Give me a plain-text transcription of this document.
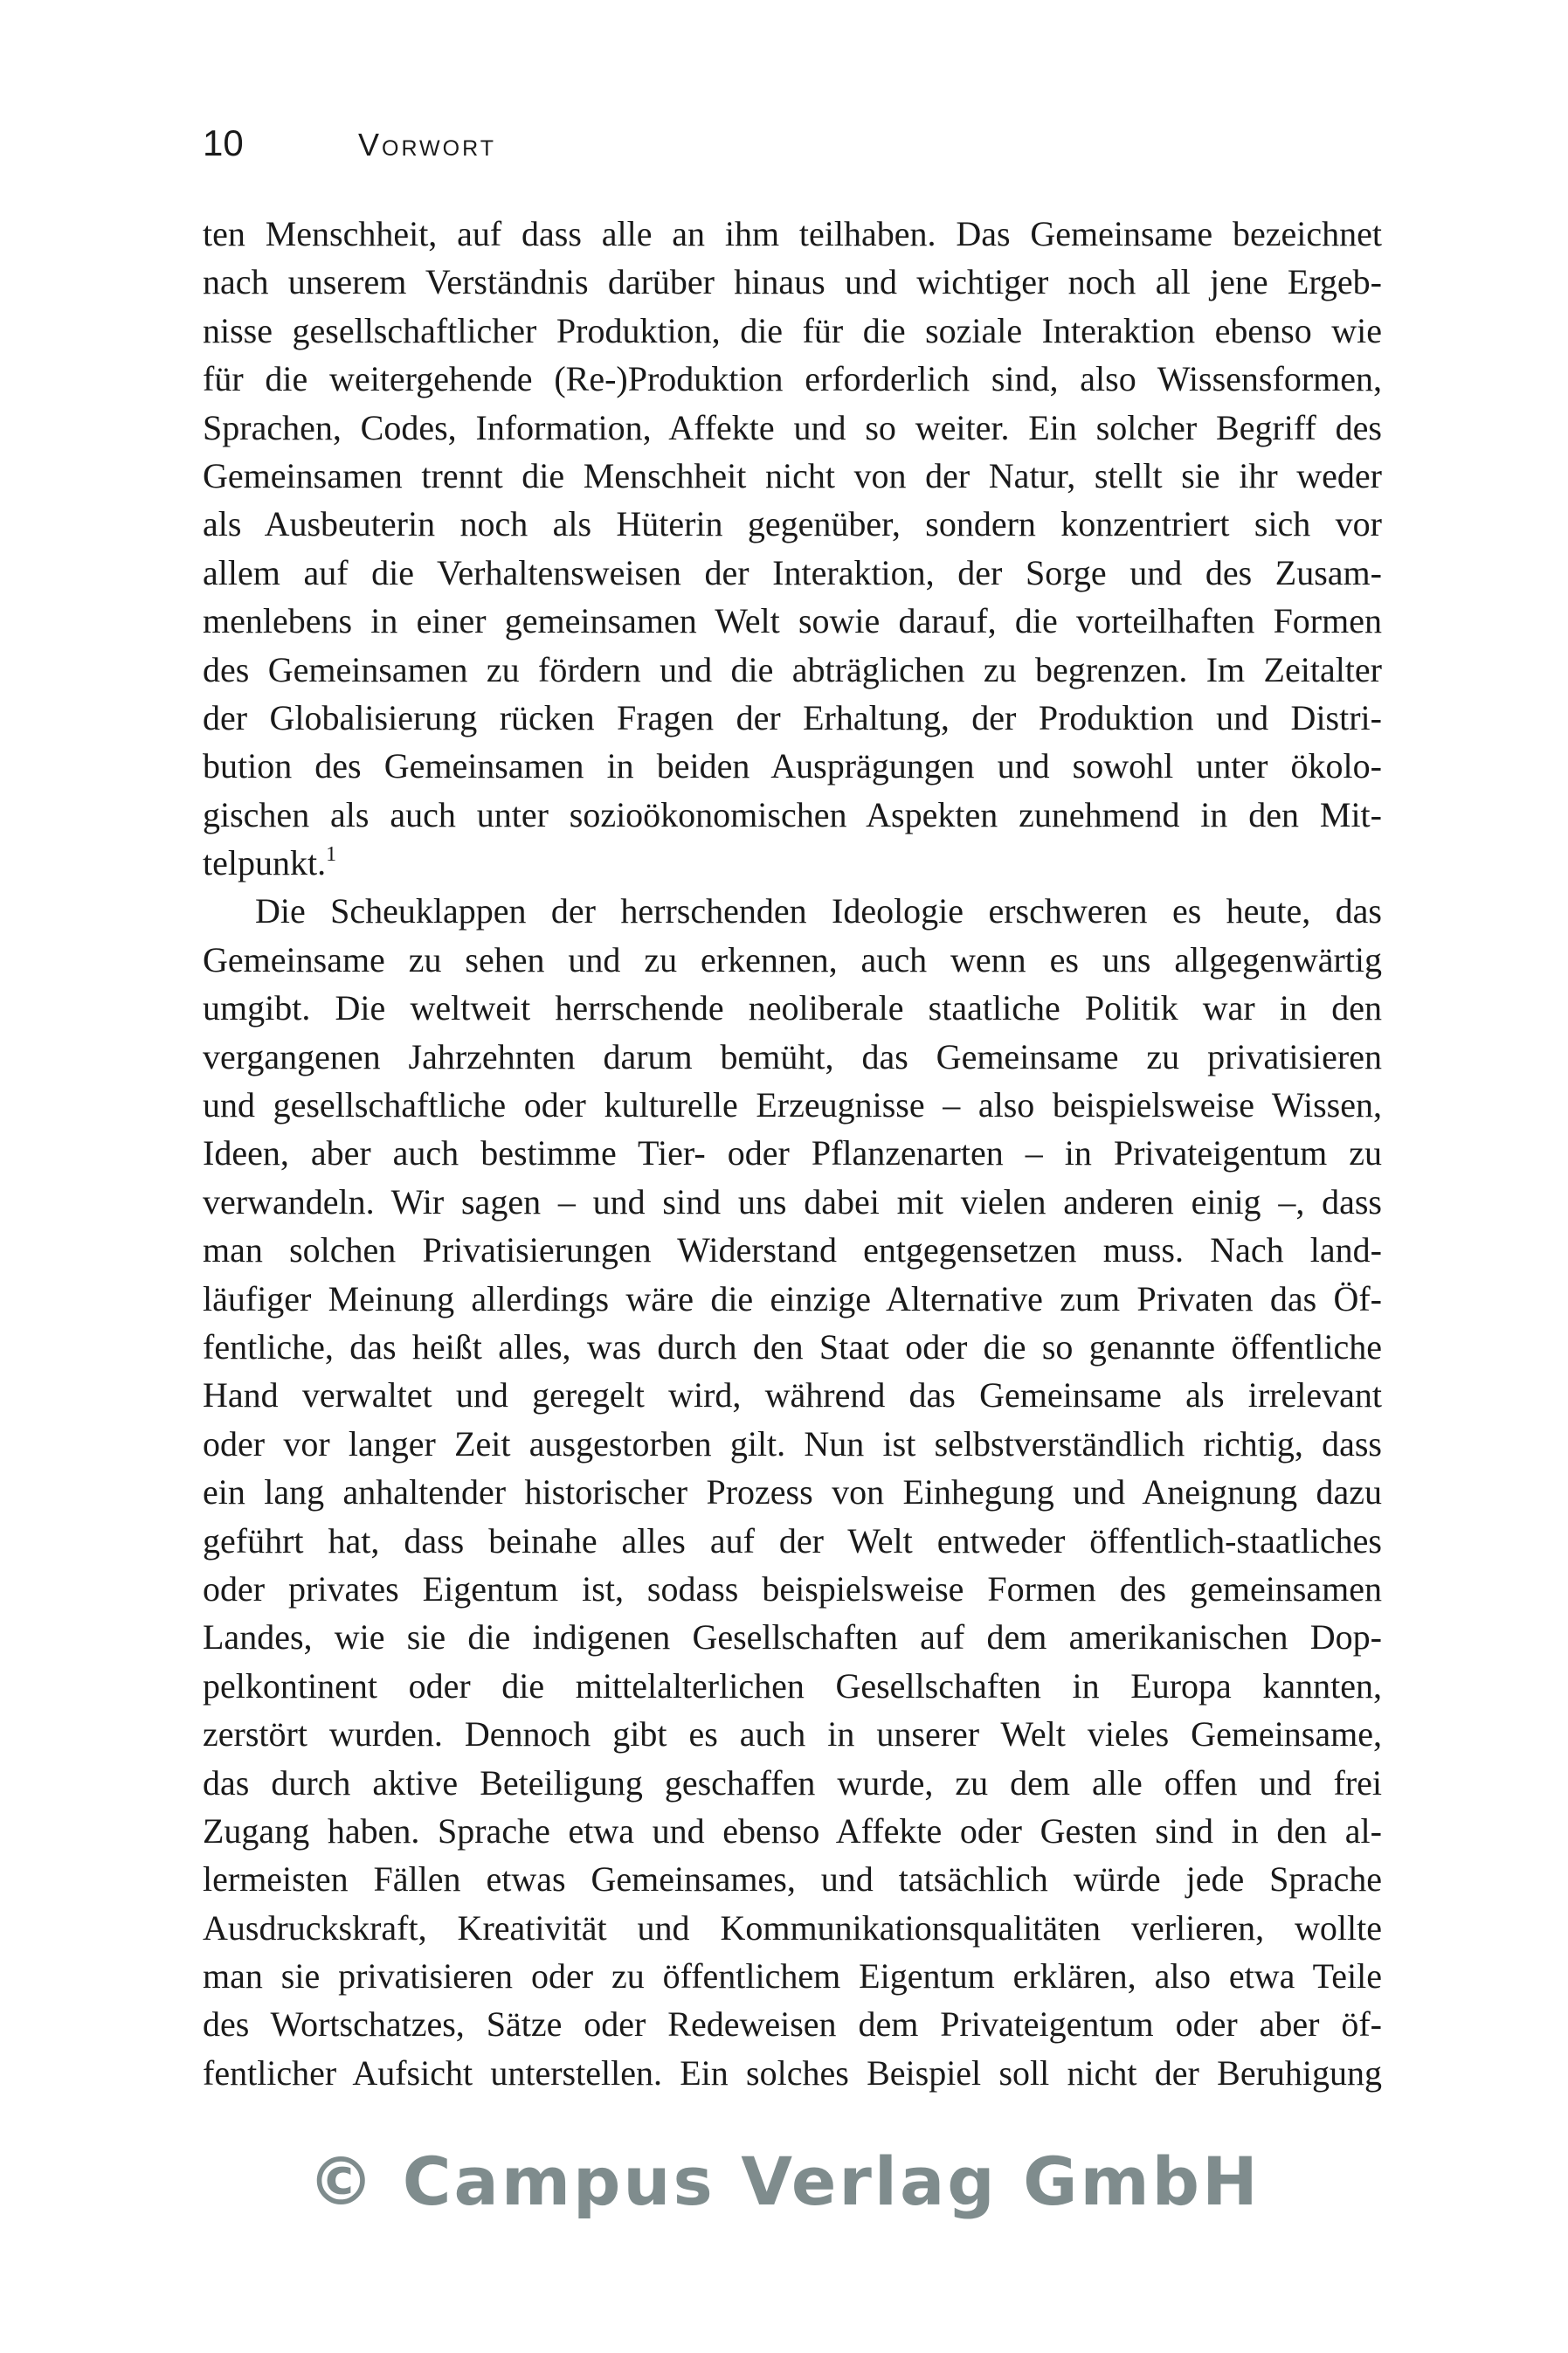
10	Vorwort
ten Menschheit, auf dass alle an ihm teilhaben. Das Gemeinsame bezeichnet
nach unserem Verständnis darüber hinaus und wichtiger noch all jene Ergeb-
nisse gesellschaftlicher Produktion, die für die soziale Interaktion ebenso wie
für die weitergehende (Re-)Produktion erforderlich sind, also Wissensformen,
Sprachen, Codes, Information, Affekte und so weiter. Ein solcher Begriff des
Gemeinsamen trennt die Menschheit nicht von der Natur, stellt sie ihr weder
als Ausbeuterin noch als Hüterin gegenüber, sondern konzentriert sich vor
allem auf die Verhaltensweisen der Interaktion, der Sorge und des Zusam-
menlebens in einer gemeinsamen Welt sowie darauf, die vorteilhaften Formen
des Gemeinsamen zu fördern und die abträglichen zu begrenzen. Im Zeitalter
der Globalisierung rücken Fragen der Erhaltung, der Produktion und Distri-
bution des Gemeinsamen in beiden Ausprägungen und sowohl unter ökolo-
gischen als auch unter sozioökonomischen Aspekten zunehmend in den Mit-
telpunkt.$^1$
Die Scheuklappen der herrschenden Ideologie erschweren es heute, das
Gemeinsame zu sehen und zu erkennen, auch wenn es uns allgegenwärtig
umgibt. Die weltweit herrschende neoliberale staatliche Politik war in den
vergangenen Jahrzehnten darum bemüht, das Gemeinsame zu privatisieren
und gesellschaftliche oder kulturelle Erzeugnisse – also beispielsweise Wissen,
Ideen, aber auch bestimme Tier- oder Pflanzenarten – in Privateigentum zu
verwandeln. Wir sagen – und sind uns dabei mit vielen anderen einig –, dass
man solchen Privatisierungen Widerstand entgegensetzen muss. Nach land-
läufiger Meinung allerdings wäre die einzige Alternative zum Privaten das Öf-
fentliche, das heißt alles, was durch den Staat oder die so genannte öffentliche
Hand verwaltet und geregelt wird, während das Gemeinsame als irrelevant
oder vor langer Zeit ausgestorben gilt. Nun ist selbstverständlich richtig, dass
ein lang anhaltender historischer Prozess von Einhegung und Aneignung dazu
geführt hat, dass beinahe alles auf der Welt entweder öffentlich-staatliches
oder privates Eigentum ist, sodass beispielsweise Formen des gemeinsamen
Landes, wie sie die indigenen Gesellschaften auf dem amerikanischen Dop-
pelkontinent oder die mittelalterlichen Gesellschaften in Europa kannten,
zerstört wurden. Dennoch gibt es auch in unserer Welt vieles Gemeinsame,
das durch aktive Beteiligung geschaffen wurde, zu dem alle offen und frei
Zugang haben. Sprache etwa und ebenso Affekte oder Gesten sind in den al-
lermeisten Fällen etwas Gemeinsames, und tatsächlich würde jede Sprache
Ausdruckskraft, Kreativität und Kommunikationsqualitäten verlieren, wollte
man sie privatisieren oder zu öffentlichem Eigentum erklären, also etwa Teile
des Wortschatzes, Sätze oder Redeweisen dem Privateigentum oder aber öf-
fentlicher Aufsicht unterstellen. Ein solches Beispiel soll nicht der Beruhigung
© Campus Verlag GmbH
